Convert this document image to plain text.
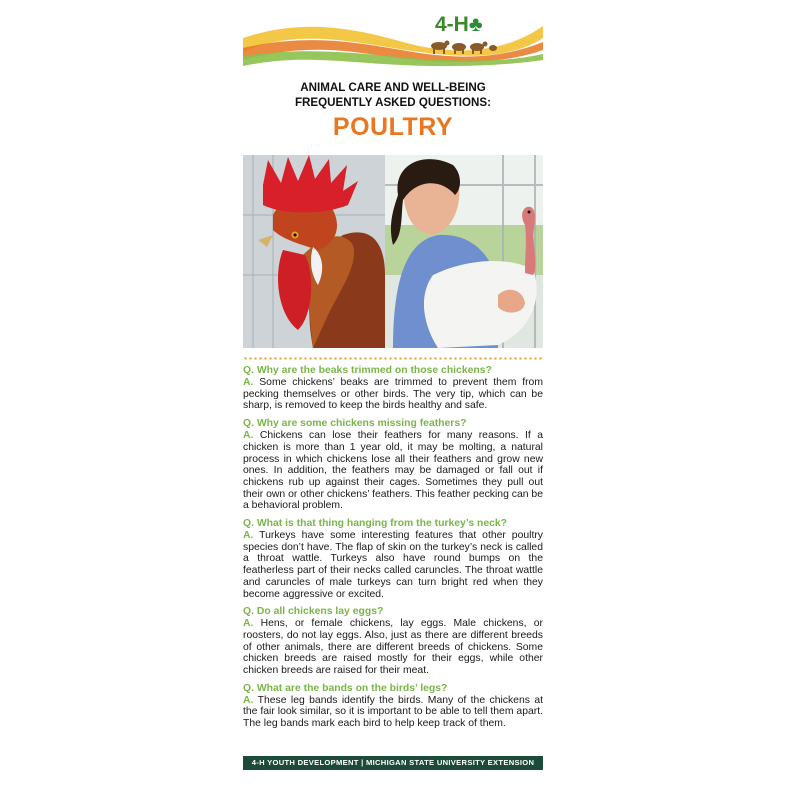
4-H♣
ANIMAL CARE AND WELL-BEING
FREQUENTLY ASKED QUESTIONS:
POULTRY
Q. Why are the beaks trimmed on those chickens?
A. Some chickens’ beaks are trimmed to prevent them from pecking themselves or other birds. The very tip, which can be sharp, is removed to keep the birds healthy and safe.
Q. Why are some chickens missing feathers?
A. Chickens can lose their feathers for many reasons. If a chicken is more than 1 year old, it may be molting, a natural process in which chickens lose all their feathers and grow new ones. In addition, the feathers may be damaged or fall out if chickens rub up against their cages. Sometimes they pull out their own or other chickens’ feathers. This feather pecking can be a behavioral problem.
Q. What is that thing hanging from the turkey’s neck?
A. Turkeys have some interesting features that other poultry species don’t have. The flap of skin on the turkey’s neck is called a throat wattle. Turkeys also have round bumps on the featherless part of their necks called caruncles. The throat wattle and caruncles of male turkeys can turn bright red when they become aggressive or excited.
Q. Do all chickens lay eggs?
A. Hens, or female chickens, lay eggs. Male chickens, or roosters, do not lay eggs. Also, just as there are different breeds of other animals, there are different breeds of chickens. Some chicken breeds are raised mostly for their eggs, while other chicken breeds are raised for their meat.
Q. What are the bands on the birds’ legs?
A. These leg bands identify the birds. Many of the chickens at the fair look similar, so it is important to be able to tell them apart. The leg bands mark each bird to help keep track of them.
4-H YOUTH DEVELOPMENT | MICHIGAN STATE UNIVERSITY EXTENSION
